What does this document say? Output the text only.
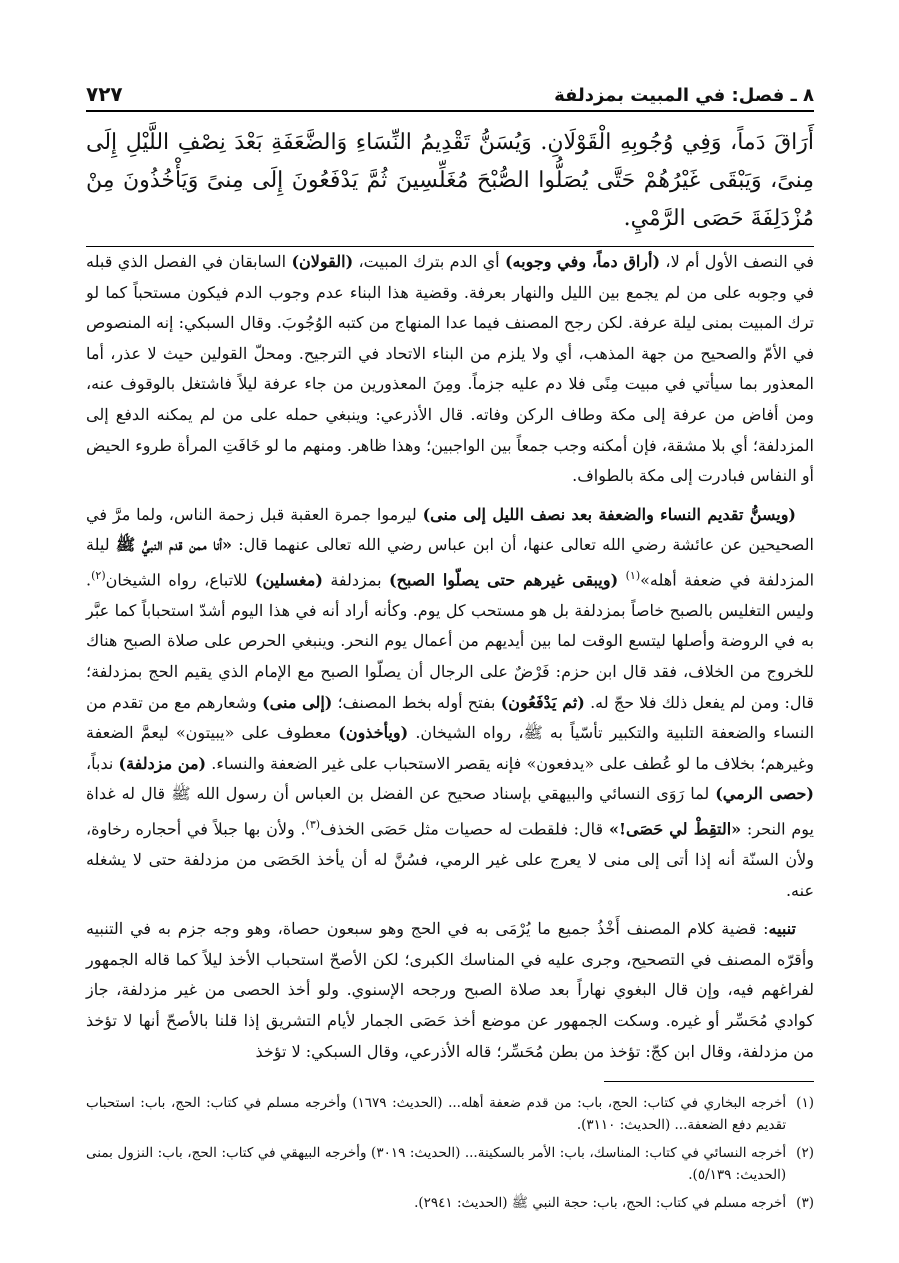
٨ ـ فصل: في المبيت بمزدلفة
٧٢٧
أَرَاقَ دَماً، وَفِي وُجُوبِهِ الْقَوْلَانِ. وَيُسَنُّ تَقْدِيمُ النِّسَاءِ وَالضَّعَفَةِ بَعْدَ نِصْفِ اللَّيْلِ إِلَى مِنىً، وَيَبْقَى غَيْرُهُمْ حَتَّى يُصَلُّوا الصُّبْحَ مُغَلِّسِينَ ثُمَّ يَدْفَعُونَ إِلَى مِنىً وَيَأْخُذُونَ مِنْ مُزْدَلِفَةَ حَصَى الرَّمْيِ.

في النصف الأول أم لا، (أراق دماً، وفي وجوبه) أي الدم بترك المبيت، (القولان) السابقان في الفصل الذي قبله في وجوبه على من لم يجمع بين الليل والنهار بعرفة. وقضية هذا البناء عدم وجوب الدم فيكون مستحباً كما لو ترك المبيت بمنى ليلة عرفة. لكن رجح المصنف فيما عدا المنهاج من كتبه الوُجُوبَ. وقال السبكي: إنه المنصوص في الأمّ والصحيح من جهة المذهب، أي ولا يلزم من البناء الاتحاد في الترجيح. ومحلّ القولين حيث لا عذر، أما المعذور بما سيأتي في مبيت مِنًى فلا دم عليه جزماً. ومِنَ المعذورين من جاء عرفة ليلاً فاشتغل بالوقوف عنه، ومن أفاض من عرفة إلى مكة وطاف الركن وفاته. قال الأذرعي: وينبغي حمله على من لم يمكنه الدفع إلى المزدلفة؛ أي بلا مشقة، فإن أمكنه وجب جمعاً بين الواجبين؛ وهذا ظاهر. ومنهم ما لو خَافَتِ المرأة طروء الحيض أو النفاس فبادرت إلى مكة بالطواف.

(ويسنُّ تقديم النساء والضعفة بعد نصف الليل إلى منى) ليرموا جمرة العقبة قبل زحمة الناس، ولما مرَّ في الصحيحين عن عائشة رضي الله تعالى عنها، أن ابن عباس رضي الله تعالى عنهما قال: «أنا ممن قدم النبيُّ ﷺ ليلة المزدلفة في ضعفة أهله»$^{(١)}$ (ويبقى غيرهم حتى يصلّوا الصبح) بمزدلفة (مغسلين) للاتباع، رواه الشيخان$^{(٢)}$. وليس التغليس بالصبح خاصاً بمزدلفة بل هو مستحب كل يوم. وكأنه أراد أنه في هذا اليوم أشدّ استحباباً كما عبَّر به في الروضة وأصلها ليتسع الوقت لما بين أيديهم من أعمال يوم النحر. وينبغي الحرص على صلاة الصبح هناك للخروج من الخلاف، فقد قال ابن حزم: فَرْضٌ على الرجال أن يصلّوا الصبح مع الإمام الذي يقيم الحج بمزدلفة؛ قال: ومن لم يفعل ذلك فلا حجّ له. (ثم يَدْفَعُون) بفتح أوله بخط المصنف؛ (إلى منى) وشعارهم مع من تقدم من النساء والضعفة التلبية والتكبير تأسّياً به ﷺ، رواه الشيخان. (ويأخذون) معطوف على «يبيتون» ليعمَّ الضعفة وغيرهم؛ بخلاف ما لو عُطف على «يدفعون» فإنه يقصر الاستحباب على غير الضعفة والنساء. (من مزدلفة) ندباً، (حصى الرمي) لما رَوَى النسائي والبيهقي بإسناد صحيح عن الفضل بن العباس أن رسول الله ﷺ قال له غداة يوم النحر: «التقِطْ لي حَصَى!» قال: فلقطت له حصيات مثل حَصَى الخذف$^{(٣)}$. ولأن بها جبلاً في أحجاره رخاوة، ولأن السنّة أنه إذا أتى إلى منى لا يعرج على غير الرمي، فسُنَّ له أن يأخذ الحَصَى من مزدلفة حتى لا يشغله عنه.

تنبيه: قضية كلام المصنف أَخْذُ جميع ما يُرْمَى به في الحج وهو سبعون حصاة، وهو وجه جزم به في التنبيه وأقرّه المصنف في التصحيح، وجرى عليه في المناسك الكبرى؛ لكن الأصحّ استحباب الأخذ ليلاً كما قاله الجمهور لفراغهم فيه، وإن قال البغوي نهاراً بعد صلاة الصبح ورجحه الإسنوي. ولو أخذ الحصى من غير مزدلفة، جاز كوادي مُحَسِّر أو غيره. وسكت الجمهور عن موضع أخذ حَصَى الجمار لأيام التشريق إذا قلنا بالأصحّ أنها لا تؤخذ من مزدلفة، وقال ابن كجّ: تؤخذ من بطن مُحَسِّر؛ قاله الأذرعي، وقال السبكي: لا تؤخذ

(١)
أخرجه البخاري في كتاب: الحج، باب: من قدم ضعفة أهله... (الحديث: ١٦٧٩) وأخرجه مسلم في كتاب: الحج، باب: استحباب تقديم دفع الضعفة... (الحديث: ٣١١٠).
(٢)
أخرجه النسائي في كتاب: المناسك، باب: الأمر بالسكينة... (الحديث: ٣٠١٩) وأخرجه البيهقي في كتاب: الحج، باب: النزول بمنى (الحديث: ٥/١٣٩).
(٣)
أخرجه مسلم في كتاب: الحج، باب: حجة النبي ﷺ (الحديث: ٢٩٤١).
